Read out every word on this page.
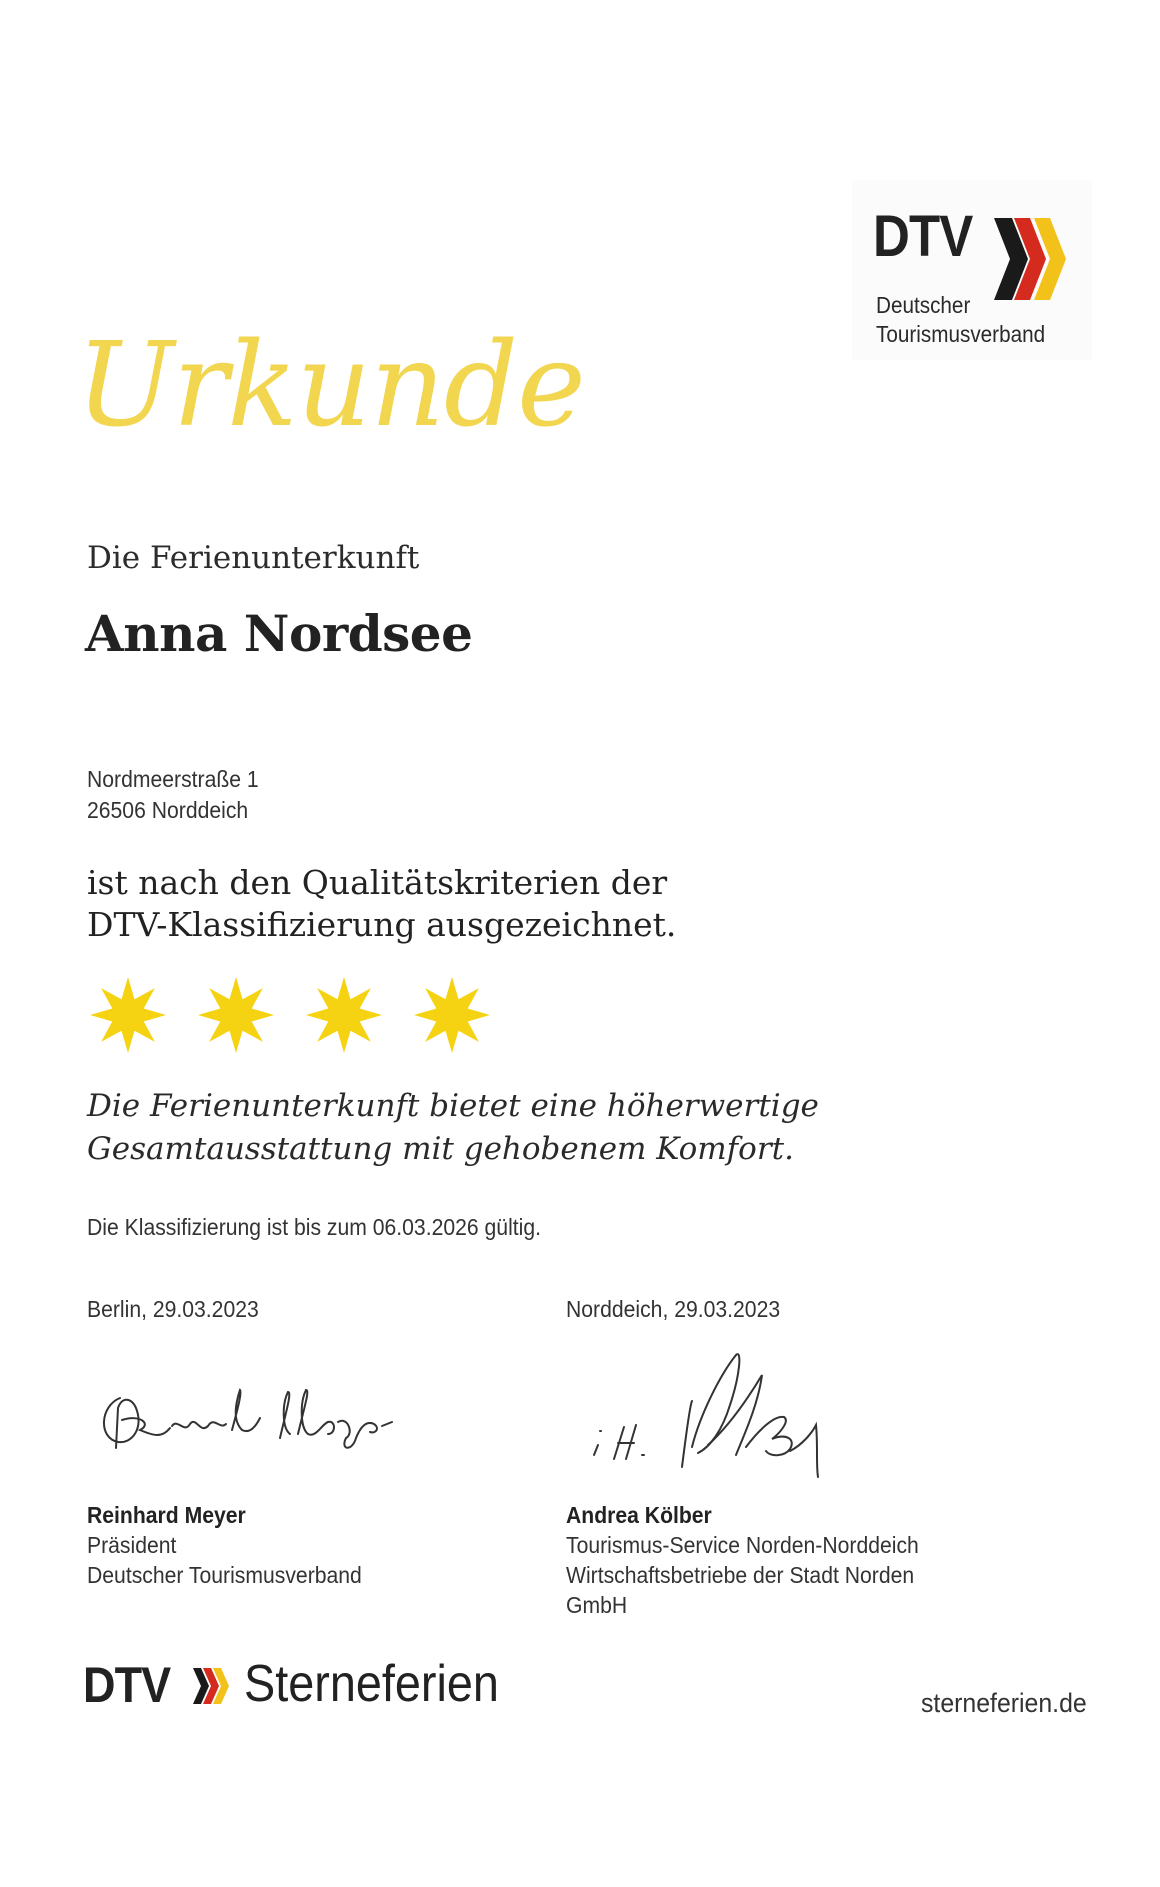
DTV
Deutscher
Tourismusverband
Urkunde
Die Ferienunterkunft
Anna Nordsee
Nordmeerstraße 1
26506 Norddeich
ist nach den Qualitätskriterien der
DTV-Klassifizierung ausgezeichnet.
Die Ferienunterkunft bietet eine höherwertige
Gesamtausstattung mit gehobenem Komfort.
Die Klassifizierung ist bis zum 06.03.2026 gültig.
Berlin, 29.03.2023	Norddeich, 29.03.2023
Reinhard Meyer
Präsident
Deutscher Tourismusverband
Andrea Kölber
Tourismus-Service Norden-Norddeich
Wirtschaftsbetriebe der Stadt Norden
GmbH
DTV Sterneferien	sterneferien.de
